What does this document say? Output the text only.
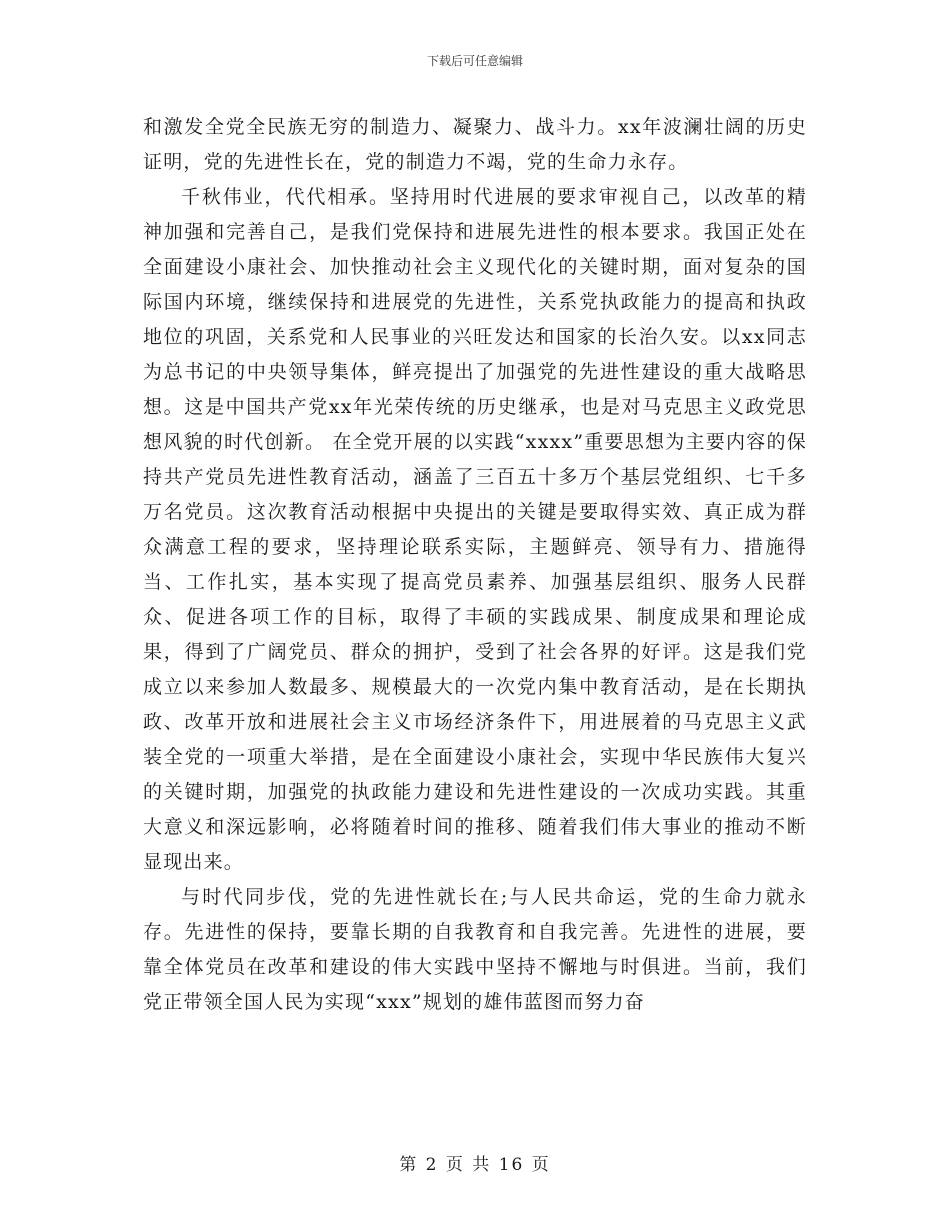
下载后可任意编辑

和激发全党全民族无穷的制造力、凝聚力、战斗力。xx年波澜壮阔的历史证明，党的先进性长在，党的制造力不竭，党的生命力永存。

千秋伟业，代代相承。坚持用时代进展的要求审视自己，以改革的精神加强和完善自己，是我们党保持和进展先进性的根本要求。我国正处在全面建设小康社会、加快推动社会主义现代化的关键时期，面对复杂的国际国内环境，继续保持和进展党的先进性，关系党执政能力的提高和执政地位的巩固，关系党和人民事业的兴旺发达和国家的长治久安。以xx同志为总书记的中央领导集体，鲜亮提出了加强党的先进性建设的重大战略思想。这是中国共产党xx年光荣传统的历史继承，也是对马克思主义政党思想风貌的时代创新。 在全党开展的以实践“xxxx”重要思想为主要内容的保持共产党员先进性教育活动，涵盖了三百五十多万个基层党组织、七千多万名党员。这次教育活动根据中央提出的关键是要取得实效、真正成为群众满意工程的要求，坚持理论联系实际，主题鲜亮、领导有力、措施得当、工作扎实，基本实现了提高党员素养、加强基层组织、服务人民群众、促进各项工作的目标，取得了丰硕的实践成果、制度成果和理论成果，得到了广阔党员、群众的拥护，受到了社会各界的好评。这是我们党成立以来参加人数最多、规模最大的一次党内集中教育活动，是在长期执政、改革开放和进展社会主义市场经济条件下，用进展着的马克思主义武装全党的一项重大举措，是在全面建设小康社会，实现中华民族伟大复兴的关键时期，加强党的执政能力建设和先进性建设的一次成功实践。其重大意义和深远影响，必将随着时间的推移、随着我们伟大事业的推动不断显现出来。

与时代同步伐，党的先进性就长在;与人民共命运，党的生命力就永存。先进性的保持，要靠长期的自我教育和自我完善。先进性的进展，要靠全体党员在改革和建设的伟大实践中坚持不懈地与时俱进。当前，我们党正带领全国人民为实现“xxx”规划的雄伟蓝图而努力奋

第 2 页 共 16 页
